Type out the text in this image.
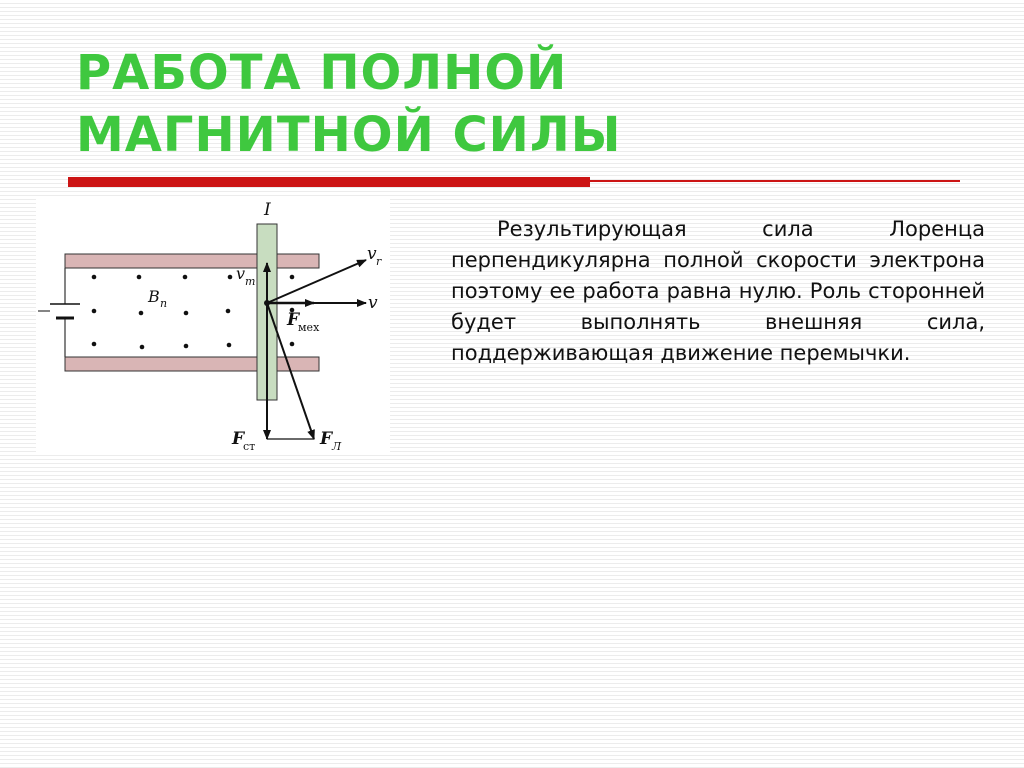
РАБОТА ПОЛНОЙ
МАГНИТНОЙ СИЛЫ
I
v r
v m
v
B n
F
мех
F
ст	F Л

Результирующая сила Лоренца перпендикулярна полной скорости электрона поэтому ее работа равна нулю. Роль сторонней будет выполнять внешняя сила, поддерживающая движение перемычки.
